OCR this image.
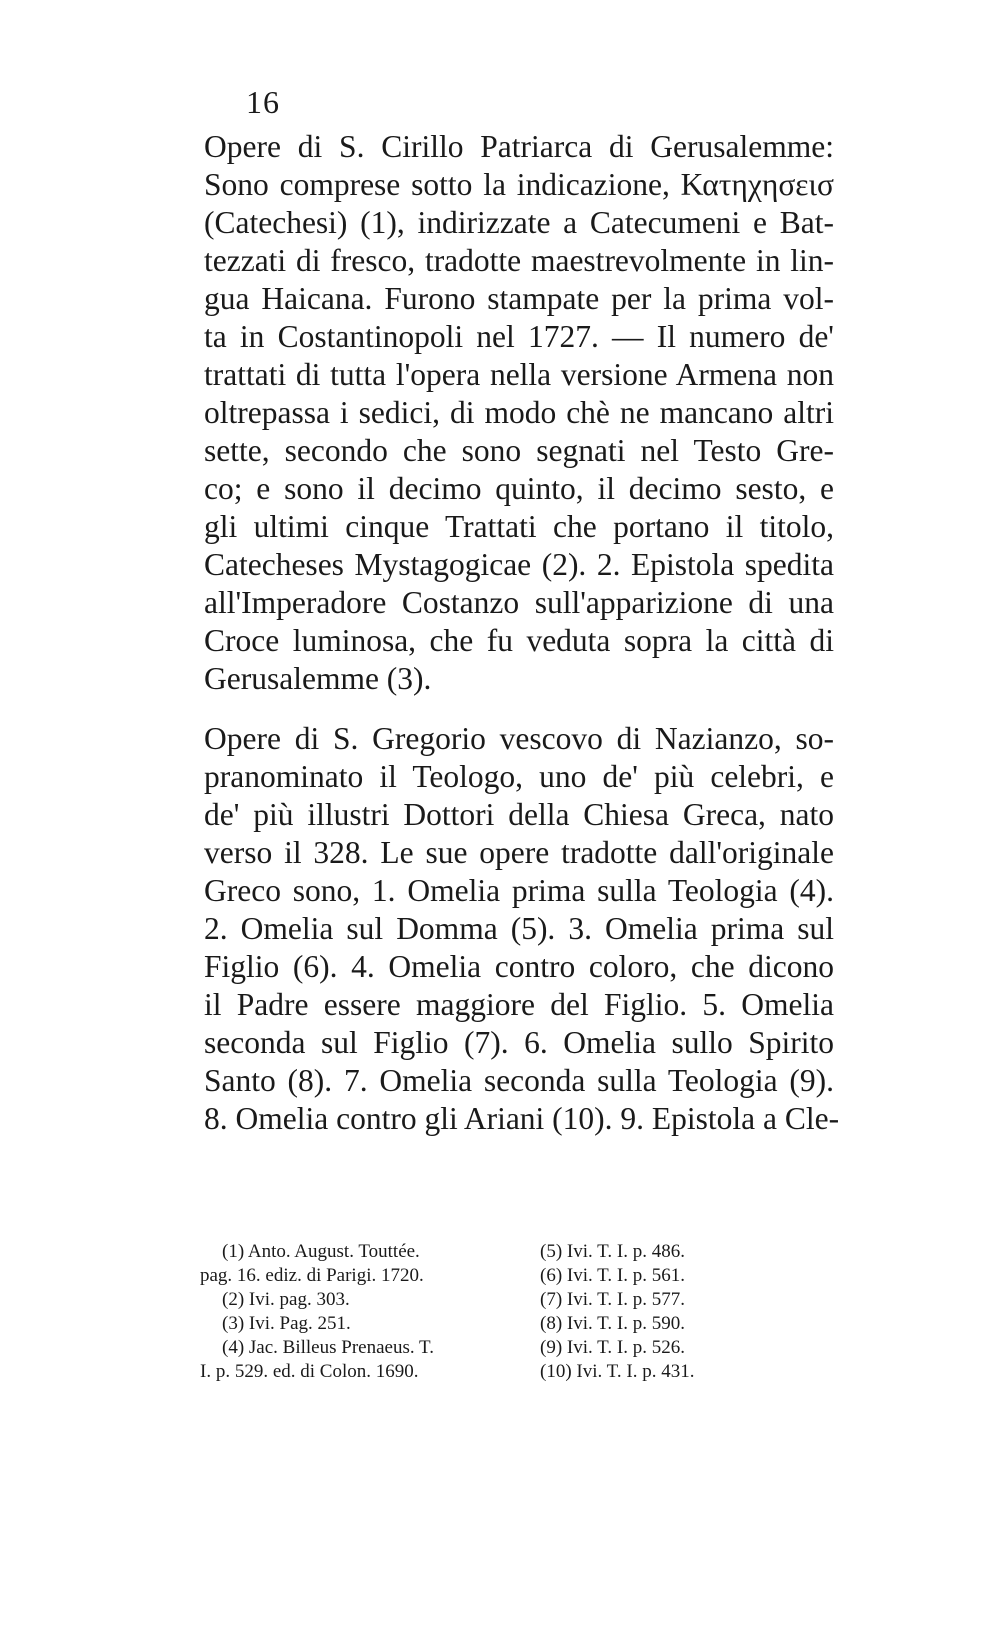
16
Opere di S. Cirillo Patriarca di Gerusalemme:
Sono comprese sotto la indicazione, Κατηχησεισ
(Catechesi) (1), indirizzate a Catecumeni e Bat-
tezzati di fresco, tradotte maestrevolmente in lin-
gua Haicana. Furono stampate per la prima vol-
ta in Costantinopoli nel 1727. — Il numero de'
trattati di tutta l'opera nella versione Armena non
oltrepassa i sedici, di modo chè ne mancano altri
sette, secondo che sono segnati nel Testo Gre-
co; e sono il decimo quinto, il decimo sesto, e
gli ultimi cinque Trattati che portano il titolo,
Catecheses Mystagogicae (2). 2. Epistola spedita
all'Imperadore Costanzo sull'apparizione di una
Croce luminosa, che fu veduta sopra la città di
Gerusalemme (3).
Opere di S. Gregorio vescovo di Nazianzo, so-
pranominato il Teologo, uno de' più celebri, e
de' più illustri Dottori della Chiesa Greca, nato
verso il 328. Le sue opere tradotte dall'originale
Greco sono, 1. Omelia prima sulla Teologia (4).
2. Omelia sul Domma (5). 3. Omelia prima sul
Figlio (6). 4. Omelia contro coloro, che dicono
il Padre essere maggiore del Figlio. 5. Omelia
seconda sul Figlio (7). 6. Omelia sullo Spirito
Santo (8). 7. Omelia seconda sulla Teologia (9).
8. Omelia contro gli Ariani (10). 9. Epistola a Cle-
(1) Anto. August. Touttée.
pag. 16. ediz. di Parigi. 1720.
(2) Ivi. pag. 303.
(3) Ivi. Pag. 251.
(4) Jac. Billeus Prenaeus. T.
I. p. 529. ed. di Colon. 1690.
(5) Ivi. T. I. p. 486.
(6) Ivi. T. I. p. 561.
(7) Ivi. T. I. p. 577.
(8) Ivi. T. I. p. 590.
(9) Ivi. T. I. p. 526.
(10) Ivi. T. I. p. 431.
